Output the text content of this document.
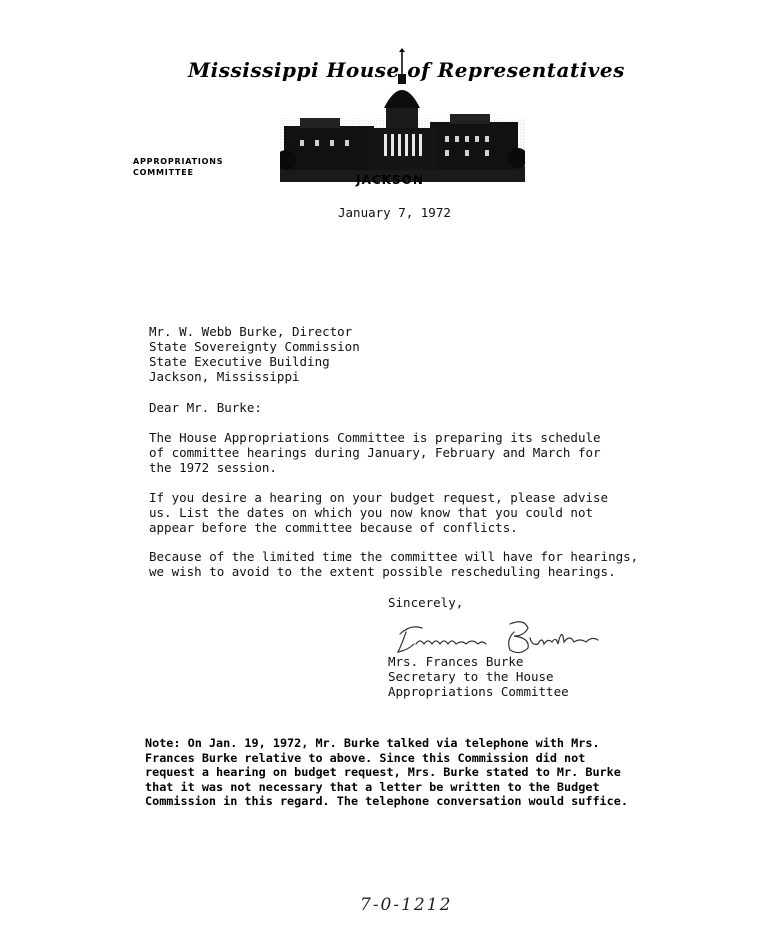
Mississippi House of Representatives
JACKSON
APPROPRIATIONS
COMMITTEE
January 7, 1972
Mr. W. Webb Burke, Director
State Sovereignty Commission
State Executive Building
Jackson, Mississippi
Dear Mr. Burke:
The House Appropriations Committee is preparing its schedule
of committee hearings during January, February and March for
the 1972 session.
If you desire a hearing on your budget request, please advise
us. List the dates on which you now know that you could not
appear before the committee because of conflicts.
Because of the limited time the committee will have for hearings,
we wish to avoid to the extent possible rescheduling hearings.
Sincerely,
Mrs. Frances Burke
Secretary to the House
Appropriations Committee
Note: On Jan. 19, 1972, Mr. Burke talked via telephone with Mrs.
Frances Burke relative to above. Since this Commission did not
request a hearing on budget request, Mrs. Burke stated to Mr. Burke
that it was not necessary that a letter be written to the Budget
Commission in this regard. The telephone conversation would suffice.
7-0-1212
